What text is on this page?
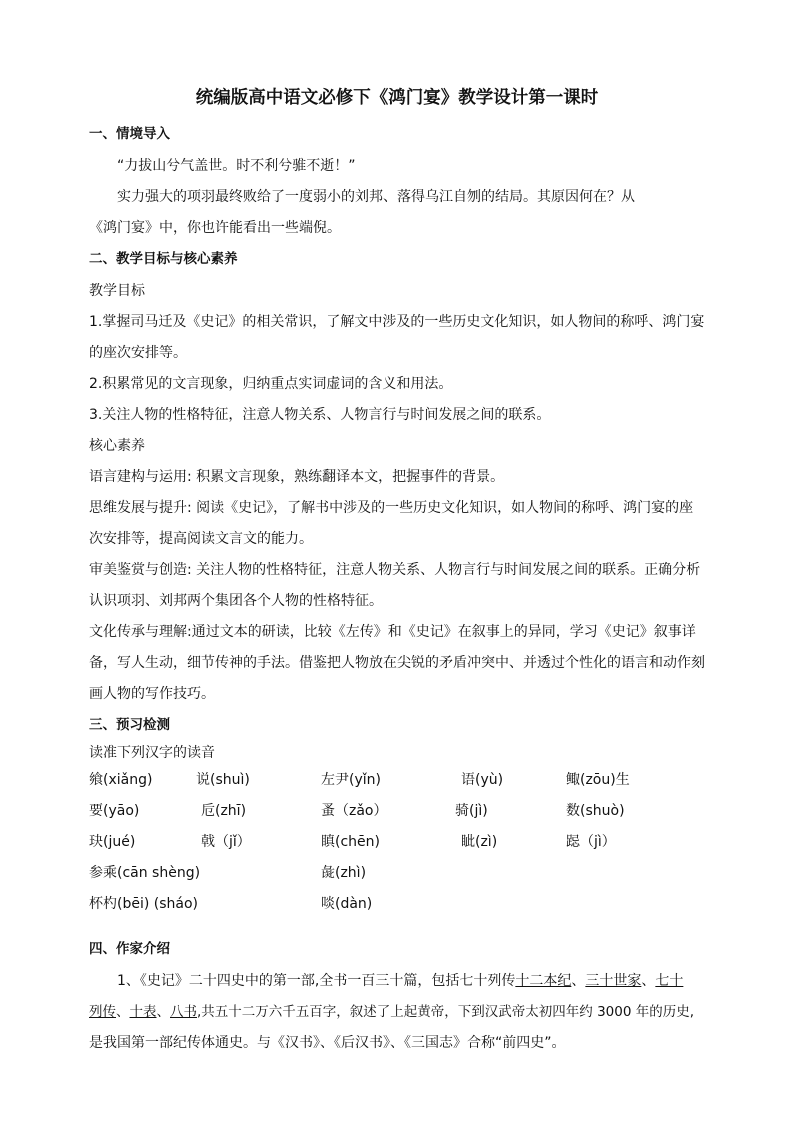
统编版高中语文必修下《鸿门宴》教学设计第一课时
一、情境导入
“力拔山兮气盖世。时不利兮骓不逝！”
实力强大的项羽最终败给了一度弱小的刘邦、落得乌江自刎的结局。其原因何在？从
《鸿门宴》中，你也许能看出一些端倪。
二、教学目标与核心素养
教学目标
1.掌握司马迁及《史记》的相关常识，了解文中涉及的一些历史文化知识，如人物间的称呼、鸿门宴
的座次安排等。
2.积累常见的文言现象，归纳重点实词虚词的含义和用法。
3.关注人物的性格特征，注意人物关系、人物言行与时间发展之间的联系。
核心素养
语言建构与运用: 积累文言现象，熟练翻译本文，把握事件的背景。
思维发展与提升: 阅读《史记》，了解书中涉及的一些历史文化知识，如人物间的称呼、鸿门宴的座
次安排等，提高阅读文言文的能力。
审美鉴赏与创造: 关注人物的性格特征，注意人物关系、人物言行与时间发展之间的联系。正确分析
认识项羽、刘邦两个集团各个人物的性格特征。
文化传承与理解:通过文本的研读，比较《左传》和《史记》在叙事上的异同，学习《史记》叙事详
备，写人生动，细节传神的手法。借鉴把人物放在尖锐的矛盾冲突中、并透过个性化的语言和动作刻
画人物的写作技巧。
三、预习检测
读准下列汉字的读音
飨(xiǎng)	说(shuì)	左尹(yǐn)	语(yù)	鲰(zōu)生
要(yāo)	卮(zhī)	蚤（zǎo）	骑(jì)	数(shuò)
玦(jué)	戟（jǐ）	瞋(chēn)	眦(zì)	跽（jì）
参乘(cān shèng)	彘(zhì)
杯杓(bēi) (sháo)	啖(dàn)
四、作家介绍
1、《史记》二十四史中的第一部,全书一百三十篇，包括七十列传十二本纪、三十世家、七十
列传、十表、八书,共五十二万六千五百字，叙述了上起黄帝，下到汉武帝太初四年约 3000 年的历史,
是我国第一部纪传体通史。与《汉书》、《后汉书》、《三国志》合称“前四史”。
